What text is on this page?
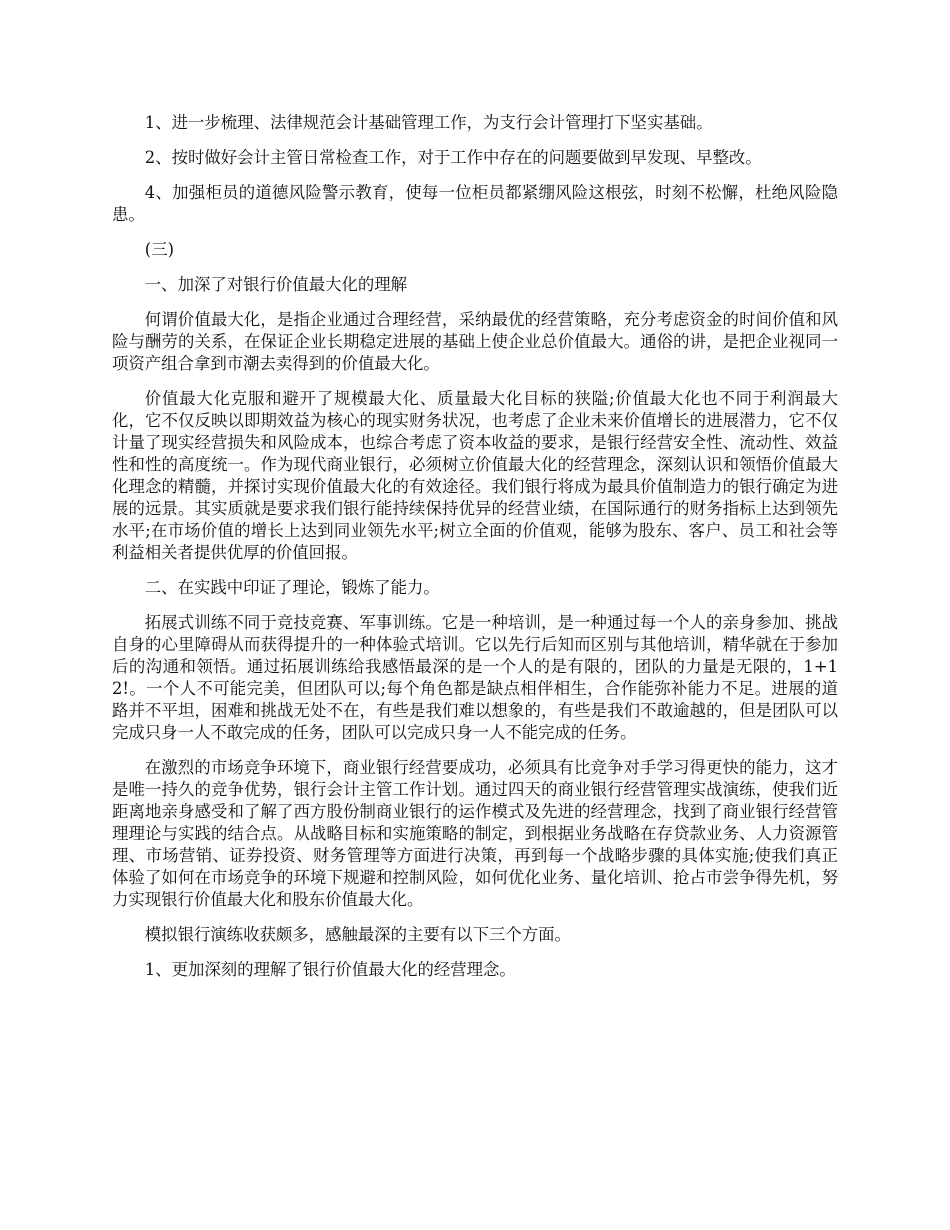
1、进一步梳理、法律规范会计基础管理工作，为支行会计管理打下坚实基础。

2、按时做好会计主管日常检查工作，对于工作中存在的问题要做到早发现、早整改。

4、加强柜员的道德风险警示教育，使每一位柜员都紧绷风险这根弦，时刻不松懈，杜绝风险隐患。

(三)

一、加深了对银行价值最大化的理解

何谓价值最大化，是指企业通过合理经营，采纳最优的经营策略，充分考虑资金的时间价值和风险与酬劳的关系，在保证企业长期稳定进展的基础上使企业总价值最大。通俗的讲，是把企业视同一项资产组合拿到市潮去卖得到的价值最大化。

价值最大化克服和避开了规模最大化、质量最大化目标的狭隘;价值最大化也不同于利润最大化，它不仅反映以即期效益为核心的现实财务状况，也考虑了企业未来价值增长的进展潜力，它不仅计量了现实经营损失和风险成本，也综合考虑了资本收益的要求，是银行经营安全性、流动性、效益性和性的高度统一。作为现代商业银行，必须树立价值最大化的经营理念，深刻认识和领悟价值最大化理念的精髓，并探讨实现价值最大化的有效途径。我们银行将成为最具价值制造力的银行确定为进展的远景。其实质就是要求我们银行能持续保持优异的经营业绩，在国际通行的财务指标上达到领先水平;在市场价值的增长上达到同业领先水平;树立全面的价值观，能够为股东、客户、员工和社会等利益相关者提供优厚的价值回报。

二、在实践中印证了理论，锻炼了能力。

拓展式训练不同于竞技竞赛、军事训练。它是一种培训，是一种通过每一个人的亲身参加、挑战自身的心里障碍从而获得提升的一种体验式培训。它以先行后知而区别与其他培训，精华就在于参加后的沟通和领悟。通过拓展训练给我感悟最深的是一个人的是有限的，团队的力量是无限的，1+12!。一个人不可能完美，但团队可以;每个角色都是缺点相伴相生，合作能弥补能力不足。进展的道路并不平坦，困难和挑战无处不在，有些是我们难以想象的，有些是我们不敢逾越的，但是团队可以完成只身一人不敢完成的任务，团队可以完成只身一人不能完成的任务。

在激烈的市场竞争环境下，商业银行经营要成功，必须具有比竞争对手学习得更快的能力，这才是唯一持久的竞争优势，银行会计主管工作计划。通过四天的商业银行经营管理实战演练，使我们近距离地亲身感受和了解了西方股份制商业银行的运作模式及先进的经营理念，找到了商业银行经营管理理论与实践的结合点。从战略目标和实施策略的制定，到根据业务战略在存贷款业务、人力资源管理、市场营销、证券投资、财务管理等方面进行决策，再到每一个战略步骤的具体实施;使我们真正体验了如何在市场竞争的环境下规避和控制风险，如何优化业务、量化培训、抢占市尝争得先机，努力实现银行价值最大化和股东价值最大化。

模拟银行演练收获颇多，感触最深的主要有以下三个方面。

1、更加深刻的理解了银行价值最大化的经营理念。
